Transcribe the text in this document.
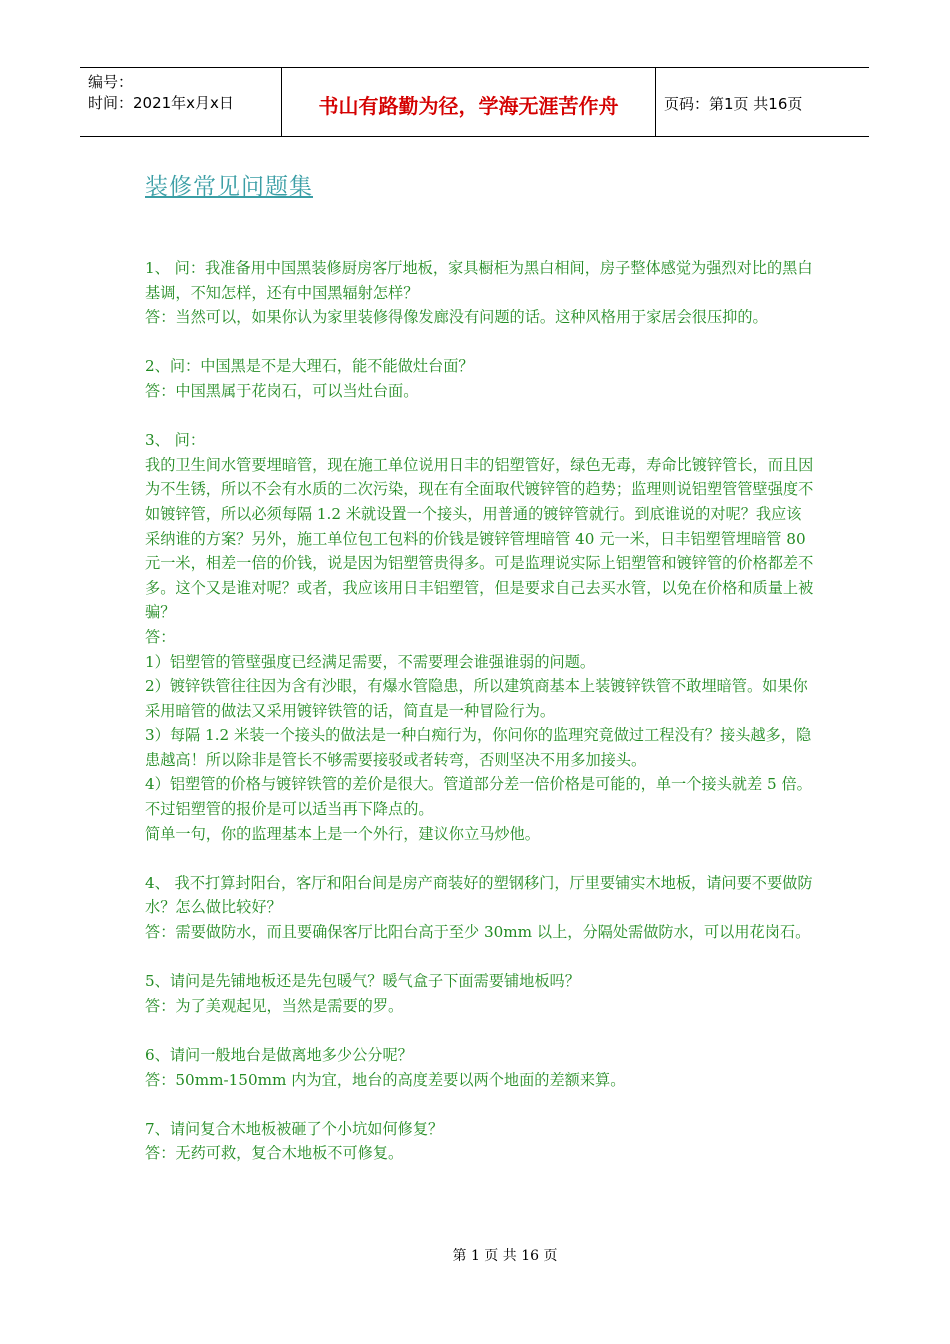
编号：
时间：2021年x月x日	书山有路勤为径，学海无涯苦作舟	页码：第1页 共16页
装修常见问题集

1、 问：我准备用中国黑装修厨房客厅地板，家具橱柜为黑白相间，房子整体感觉为强烈对比的黑白基调，不知怎样，还有中国黑辐射怎样？

答：当然可以，如果你认为家里装修得像发廊没有问题的话。这种风格用于家居会很压抑的。

2、问：中国黑是不是大理石，能不能做灶台面？

答：中国黑属于花岗石，可以当灶台面。

3、 问：

我的卫生间水管要埋暗管，现在施工单位说用日丰的铝塑管好，绿色无毒，寿命比镀锌管长，而且因为不生锈，所以不会有水质的二次污染，现在有全面取代镀锌管的趋势；监理则说铝塑管管壁强度不如镀锌管，所以必须每隔 1.2 米就设置一个接头，用普通的镀锌管就行。到底谁说的对呢？我应该采纳谁的方案？另外，施工单位包工包料的价钱是镀锌管埋暗管 40 元一米，日丰铝塑管埋暗管 80 元一米，相差一倍的价钱，说是因为铝塑管贵得多。可是监理说实际上铝塑管和镀锌管的价格都差不多。这个又是谁对呢？或者，我应该用日丰铝塑管，但是要求自己去买水管，以免在价格和质量上被骗？

答：

1）铝塑管的管壁强度已经满足需要，不需要理会谁强谁弱的问题。

2）镀锌铁管往往因为含有沙眼，有爆水管隐患，所以建筑商基本上装镀锌铁管不敢埋暗管。如果你采用暗管的做法又采用镀锌铁管的话，简直是一种冒险行为。

3）每隔 1.2 米装一个接头的做法是一种白痴行为，你问你的监理究竟做过工程没有？接头越多，隐患越高！所以除非是管长不够需要接驳或者转弯，否则坚决不用多加接头。

4）铝塑管的价格与镀锌铁管的差价是很大。管道部分差一倍价格是可能的，单一个接头就差 5 倍。不过铝塑管的报价是可以适当再下降点的。

简单一句，你的监理基本上是一个外行，建议你立马炒他。

4、 我不打算封阳台，客厅和阳台间是房产商装好的塑钢移门，厅里要铺实木地板，请问要不要做防水？怎么做比较好？

答：需要做防水，而且要确保客厅比阳台高于至少 30mm 以上，分隔处需做防水，可以用花岗石。

5、请问是先铺地板还是先包暖气？暖气盒子下面需要铺地板吗？

答：为了美观起见，当然是需要的罗。

6、请问一般地台是做离地多少公分呢？

答：50mm-150mm 内为宜，地台的高度差要以两个地面的差额来算。

7、请问复合木地板被砸了个小坑如何修复？

答：无药可救，复合木地板不可修复。

第 1 页 共 16 页
